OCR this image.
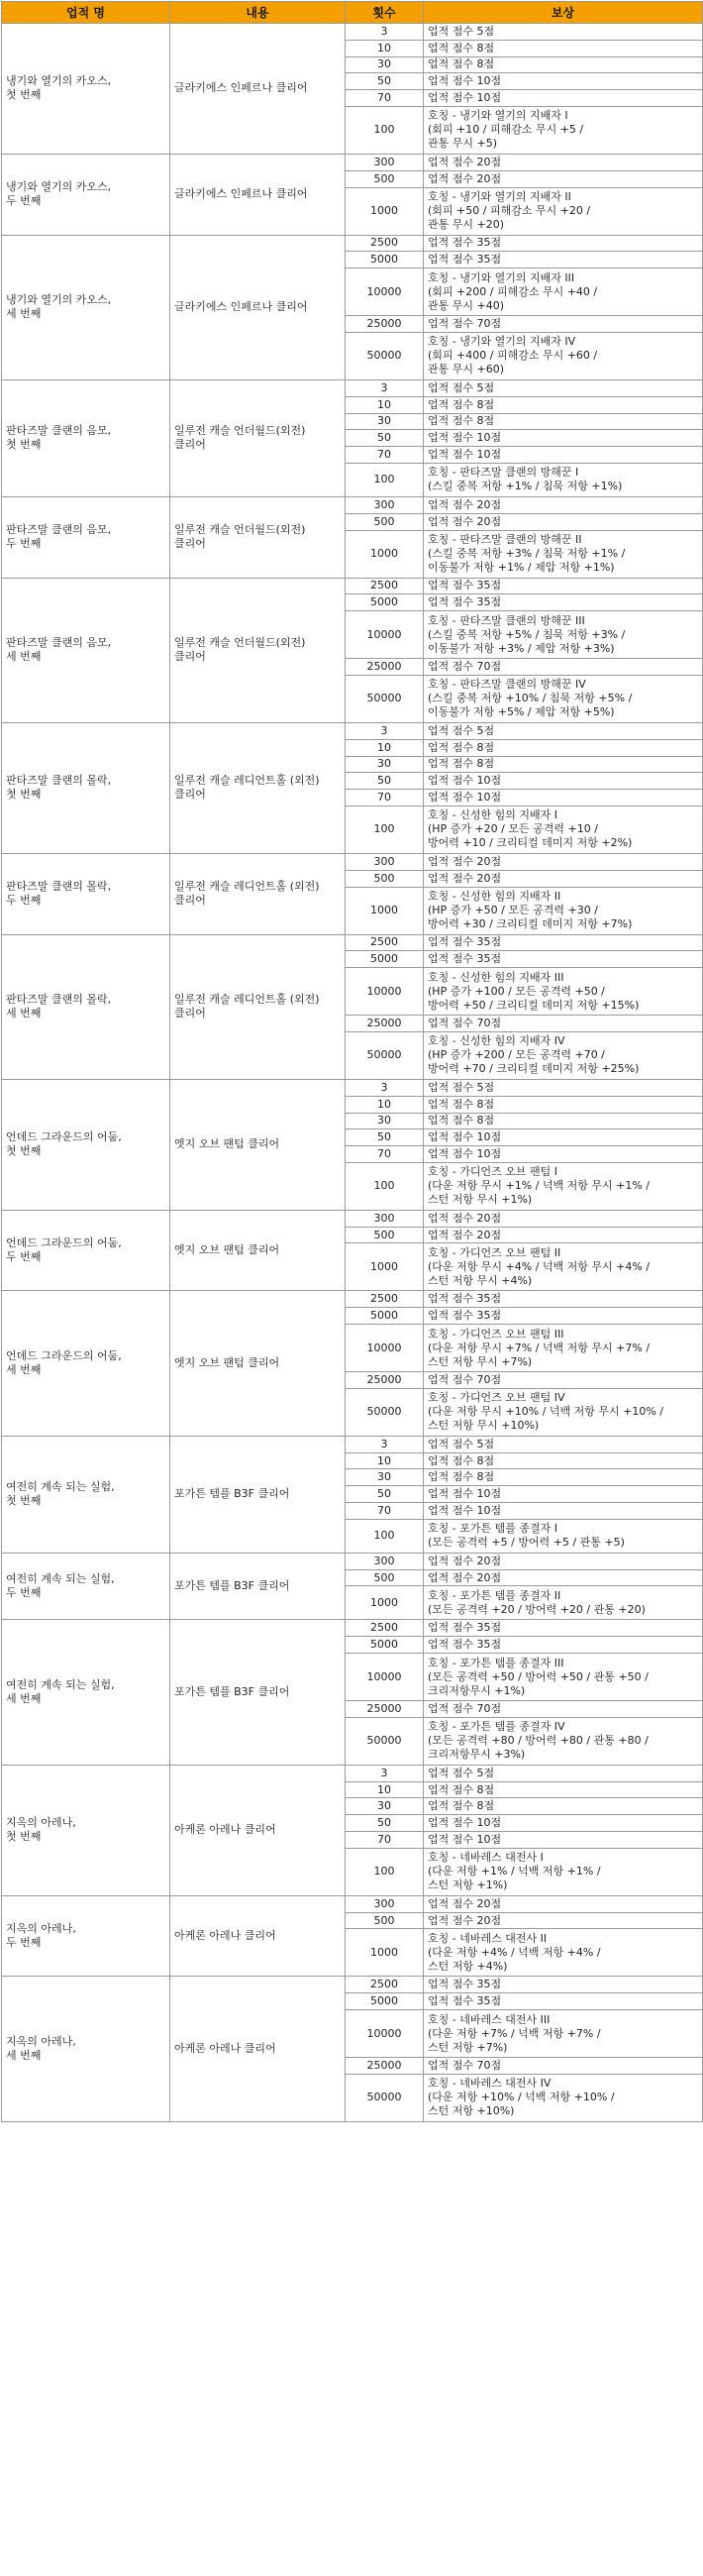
업적 명	내용	횟수	보상

냉기와 열기의 카오스,
첫 번째	글라키에스 인페르나 클리어	3	업적 점수 5점

		10	업적 점수 8점

		30	업적 점수 8점

		50	업적 점수 10점

		70	업적 점수 10점

		100	호칭 - 냉기와 열기의 지배자 I
(회피 +10 / 피해감소 무시 +5 /
관통 무시 +5)

냉기와 열기의 카오스,
두 번째	글라키에스 인페르나 클리어	300	업적 점수 20점

		500	업적 점수 20점

		1000	호칭 - 냉기와 열기의 지배자 II
(회피 +50 / 피해감소 무시 +20 /
관통 무시 +20)

냉기와 열기의 카오스,
세 번째	글라키에스 인페르나 클리어	2500	업적 점수 35점

		5000	업적 점수 35점

		10000	호칭 - 냉기와 열기의 지배자 III
(회피 +200 / 피해감소 무시 +40 /
관통 무시 +40)

		25000	업적 점수 70점

		50000	호칭 - 냉기와 열기의 지배자 IV
(회피 +400 / 피해감소 무시 +60 /
관통 무시 +60)

판타즈말 클랜의 음모,
첫 번째	일루전 캐슬 언더월드(외전)
클리어	3	업적 점수 5점

		10	업적 점수 8점

		30	업적 점수 8점

		50	업적 점수 10점

		70	업적 점수 10점

		100	호칭 - 판타즈말 클랜의 방해꾼 I
(스킬 중복 저항 +1% / 침묵 저항 +1%)

판타즈말 클랜의 음모,
두 번째	일루전 캐슬 언더월드(외전)
클리어	300	업적 점수 20점

		500	업적 점수 20점

		1000	호칭 - 판타즈말 클랜의 방해꾼 II
(스킬 중복 저항 +3% / 침묵 저항 +1% /
이동불가 저항 +1% / 제압 저항 +1%)

판타즈말 클랜의 음모,
세 번째	일루전 캐슬 언더월드(외전)
클리어	2500	업적 점수 35점

		5000	업적 점수 35점

		10000	호칭 - 판타즈말 클랜의 방해꾼 III
(스킬 중복 저항 +5% / 침묵 저항 +3% /
이동불가 저항 +3% / 제압 저항 +3%)

		25000	업적 점수 70점

		50000	호칭 - 판타즈말 클랜의 방해꾼 IV
(스킬 중복 저항 +10% / 침묵 저항 +5% /
이동불가 저항 +5% / 제압 저항 +5%)

판타즈말 클랜의 몰락,
첫 번째	일루전 캐슬 레디언트홀 (외전)
클리어	3	업적 점수 5점

		10	업적 점수 8점

		30	업적 점수 8점

		50	업적 점수 10점

		70	업적 점수 10점

		100	호칭 - 신성한 힘의 지배자 I
(HP 증가 +20 / 모든 공격력 +10 /
방어력 +10 / 크리티컬 데미지 저항 +2%)

판타즈말 클랜의 몰락,
두 번째	일루전 캐슬 레디언트홀 (외전)
클리어	300	업적 점수 20점

		500	업적 점수 20점

		1000	호칭 - 신성한 힘의 지배자 II
(HP 증가 +50 / 모든 공격력 +30 /
방어력 +30 / 크리티컬 데미지 저항 +7%)

판타즈말 클랜의 몰락,
세 번째	일루전 캐슬 레디언트홀 (외전)
클리어	2500	업적 점수 35점

		5000	업적 점수 35점

		10000	호칭 - 신성한 힘의 지배자 III
(HP 증가 +100 / 모든 공격력 +50 /
방어력 +50 / 크리티컬 데미지 저항 +15%)

		25000	업적 점수 70점

		50000	호칭 - 신성한 힘의 지배자 IV
(HP 증가 +200 / 모든 공격력 +70 /
방어력 +70 / 크리티컬 데미지 저항 +25%)

언데드 그라운드의 어둠,
첫 번째	엣지 오브 팬텀 클리어	3	업적 점수 5점

		10	업적 점수 8점

		30	업적 점수 8점

		50	업적 점수 10점

		70	업적 점수 10점

		100	호칭 - 가디언즈 오브 팬텀 I
(다운 저항 무시 +1% / 넉백 저항 무시 +1% /
스턴 저항 무시 +1%)

언데드 그라운드의 어둠,
두 번째	엣지 오브 팬텀 클리어	300	업적 점수 20점

		500	업적 점수 20점

		1000	호칭 - 가디언즈 오브 팬텀 II
(다운 저항 무시 +4% / 넉백 저항 무시 +4% /
스턴 저항 무시 +4%)

언데드 그라운드의 어둠,
세 번째	엣지 오브 팬텀 클리어	2500	업적 점수 35점

		5000	업적 점수 35점

		10000	호칭 - 가디언즈 오브 팬텀 III
(다운 저항 무시 +7% / 넉백 저항 무시 +7% /
스턴 저항 무시 +7%)

		25000	업적 점수 70점

		50000	호칭 - 가디언즈 오브 팬텀 IV
(다운 저항 무시 +10% / 넉백 저항 무시 +10% /
스턴 저항 무시 +10%)

여전히 계속 되는 실험,
첫 번째	포가튼 템플 B3F 클리어	3	업적 점수 5점

		10	업적 점수 8점

		30	업적 점수 8점

		50	업적 점수 10점

		70	업적 점수 10점

		100	호칭 - 포가튼 템플 종결자 I
(모든 공격력 +5 / 방어력 +5 / 관통 +5)

여전히 계속 되는 실험,
두 번째	포가튼 템플 B3F 클리어	300	업적 점수 20점

		500	업적 점수 20점

		1000	호칭 - 포가튼 템플 종결자 II
(모든 공격력 +20 / 방어력 +20 / 관통 +20)

여전히 계속 되는 실험,
세 번째	포가튼 템플 B3F 클리어	2500	업적 점수 35점

		5000	업적 점수 35점

		10000	호칭 - 포가튼 템플 종결자 III
(모든 공격력 +50 / 방어력 +50 / 관통 +50 /
크리저항무시 +1%)

		25000	업적 점수 70점

		50000	호칭 - 포가튼 템플 종결자 IV
(모든 공격력 +80 / 방어력 +80 / 관통 +80 /
크리저항무시 +3%)

지옥의 아레나,
첫 번째	아케론 아레나 클리어	3	업적 점수 5점

		10	업적 점수 8점

		30	업적 점수 8점

		50	업적 점수 10점

		70	업적 점수 10점

		100	호칭 - 네바레스 대전사 I
(다운 저항 +1% / 넉백 저항 +1% /
스턴 저항 +1%)

지옥의 아레나,
두 번째	아케론 아레나 클리어	300	업적 점수 20점

		500	업적 점수 20점

		1000	호칭 - 네바레스 대전사 II
(다운 저항 +4% / 넉백 저항 +4% /
스턴 저항 +4%)

지옥의 아레나,
세 번째	아케론 아레나 클리어	2500	업적 점수 35점

		5000	업적 점수 35점

		10000	호칭 - 네바레스 대전사 III
(다운 저항 +7% / 넉백 저항 +7% /
스턴 저항 +7%)

		25000	업적 점수 70점

		50000	호칭 - 네바레스 대전사 IV
(다운 저항 +10% / 넉백 저항 +10% /
스턴 저항 +10%)
